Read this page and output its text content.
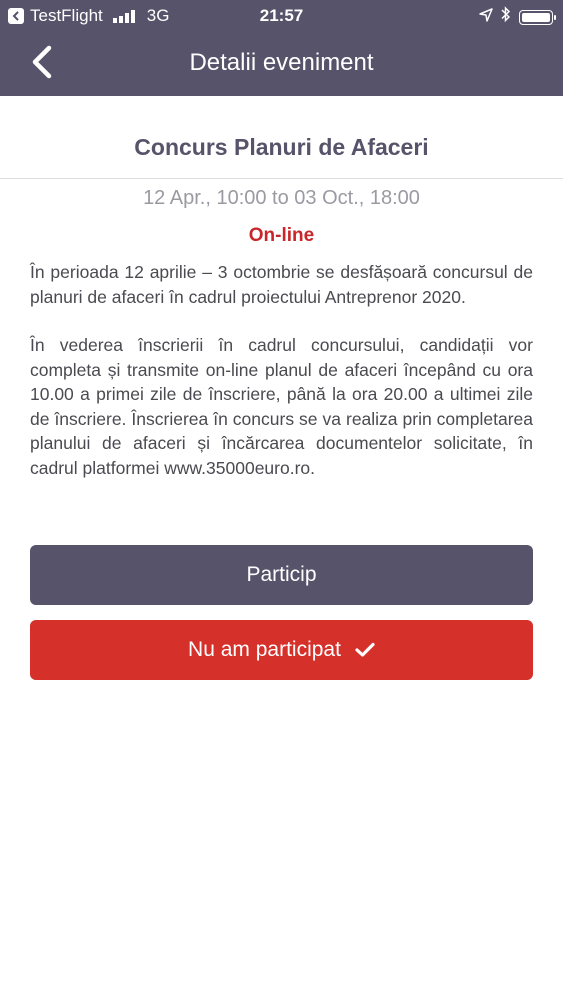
TestFlight	3G	21:57
Detalii eveniment
Concurs Planuri de Afaceri
12 Apr., 10:00 to 03 Oct., 18:00
On-line

În perioada 12 aprilie – 3 octombrie se desfășoară concursul de planuri de afaceri în cadrul proiectului Antreprenor 2020.

În vederea înscrierii în cadrul concursului, candidații vor completa și transmite on-line planul de afaceri începând cu ora 10.00 a primei zile de înscriere, până la ora 20.00 a ultimei zile de înscriere. Înscrierea în concurs se va realiza prin completarea planului de afaceri și încărcarea documentelor solicitate, în cadrul platformei www.35000euro.ro.

Particip
Nu am participat
